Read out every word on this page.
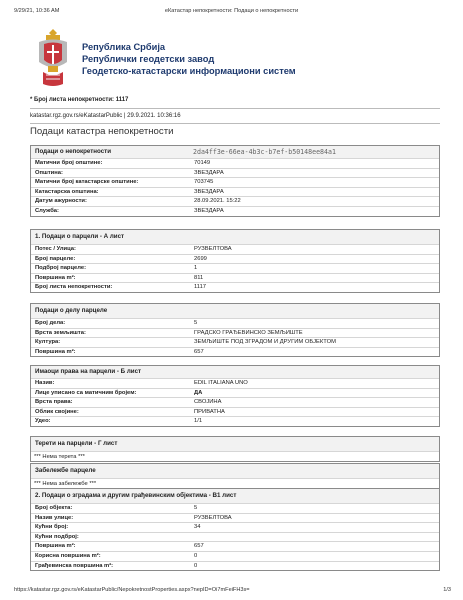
9/29/21, 10:36 AM	еКатастар непокретности: Подаци о непокретности
Република Србија
Републички геодетски завод
Геодетско-катастарски информациони систем
* Број листа непокретности: 1117
katastar.rgz.gov.rs/eKatastarPublic | 29.9.2021. 10:36:16
Подаци катастра непокретности
Подаци о непокретности	2da4ff3e-66ea-4b3c-b7ef-b50148ee84a1
Матични број општине:	70149
Општина:	ЗВЕЗДАРА
Матични број катастарске општине:	703745
Катастарска општина:	ЗВЕЗДАРА
Датум ажурности:	28.09.2021. 15:22
Служба:	ЗВЕЗДАРА
1. Подаци о парцели - А лист
Потес / Улица:	РУЗВЕЛТОВА
Број парцеле:	2699
Подброј парцеле:	1
Површина m²:	811
Број листа непокретности:	1117
Подаци о делу парцеле
Број дела:	5
Врста земљишта:	ГРАДСКО ГРАЂЕВИНСКО ЗЕМЉИШТЕ
Култура:	ЗЕМЉИШТЕ ПОД ЗГРАДОМ И ДРУГИМ ОБЈЕКТОМ
Површина m²:	657
Имаоци права на парцели - Б лист
Назив:	EDIL ITALIANA UNO
Лице уписано са матичним бројем:	ДА
Врста права:	СВОЈИНА
Облик својине:	ПРИВАТНА
Удео:	1/1
Терети на парцели - Г лист
*** Нема терета ***
Забележбе парцеле
*** Нема забележбе ***
2. Подаци о зградама и другим грађевинским објектима - В1 лист
Број објекта:	5
Назив улице:	РУЗВЕЛТОВА
Кућни број:	34
Кућни подброј:
Површина m²:	657
Корисна површина m²:	0
Грађевинска површина m²:	0
https://katastar.rgz.gov.rs/eKatastarPublic/NepokretnostProperties.aspx?nepID=Oi7mFeiFH3s=	1/3
